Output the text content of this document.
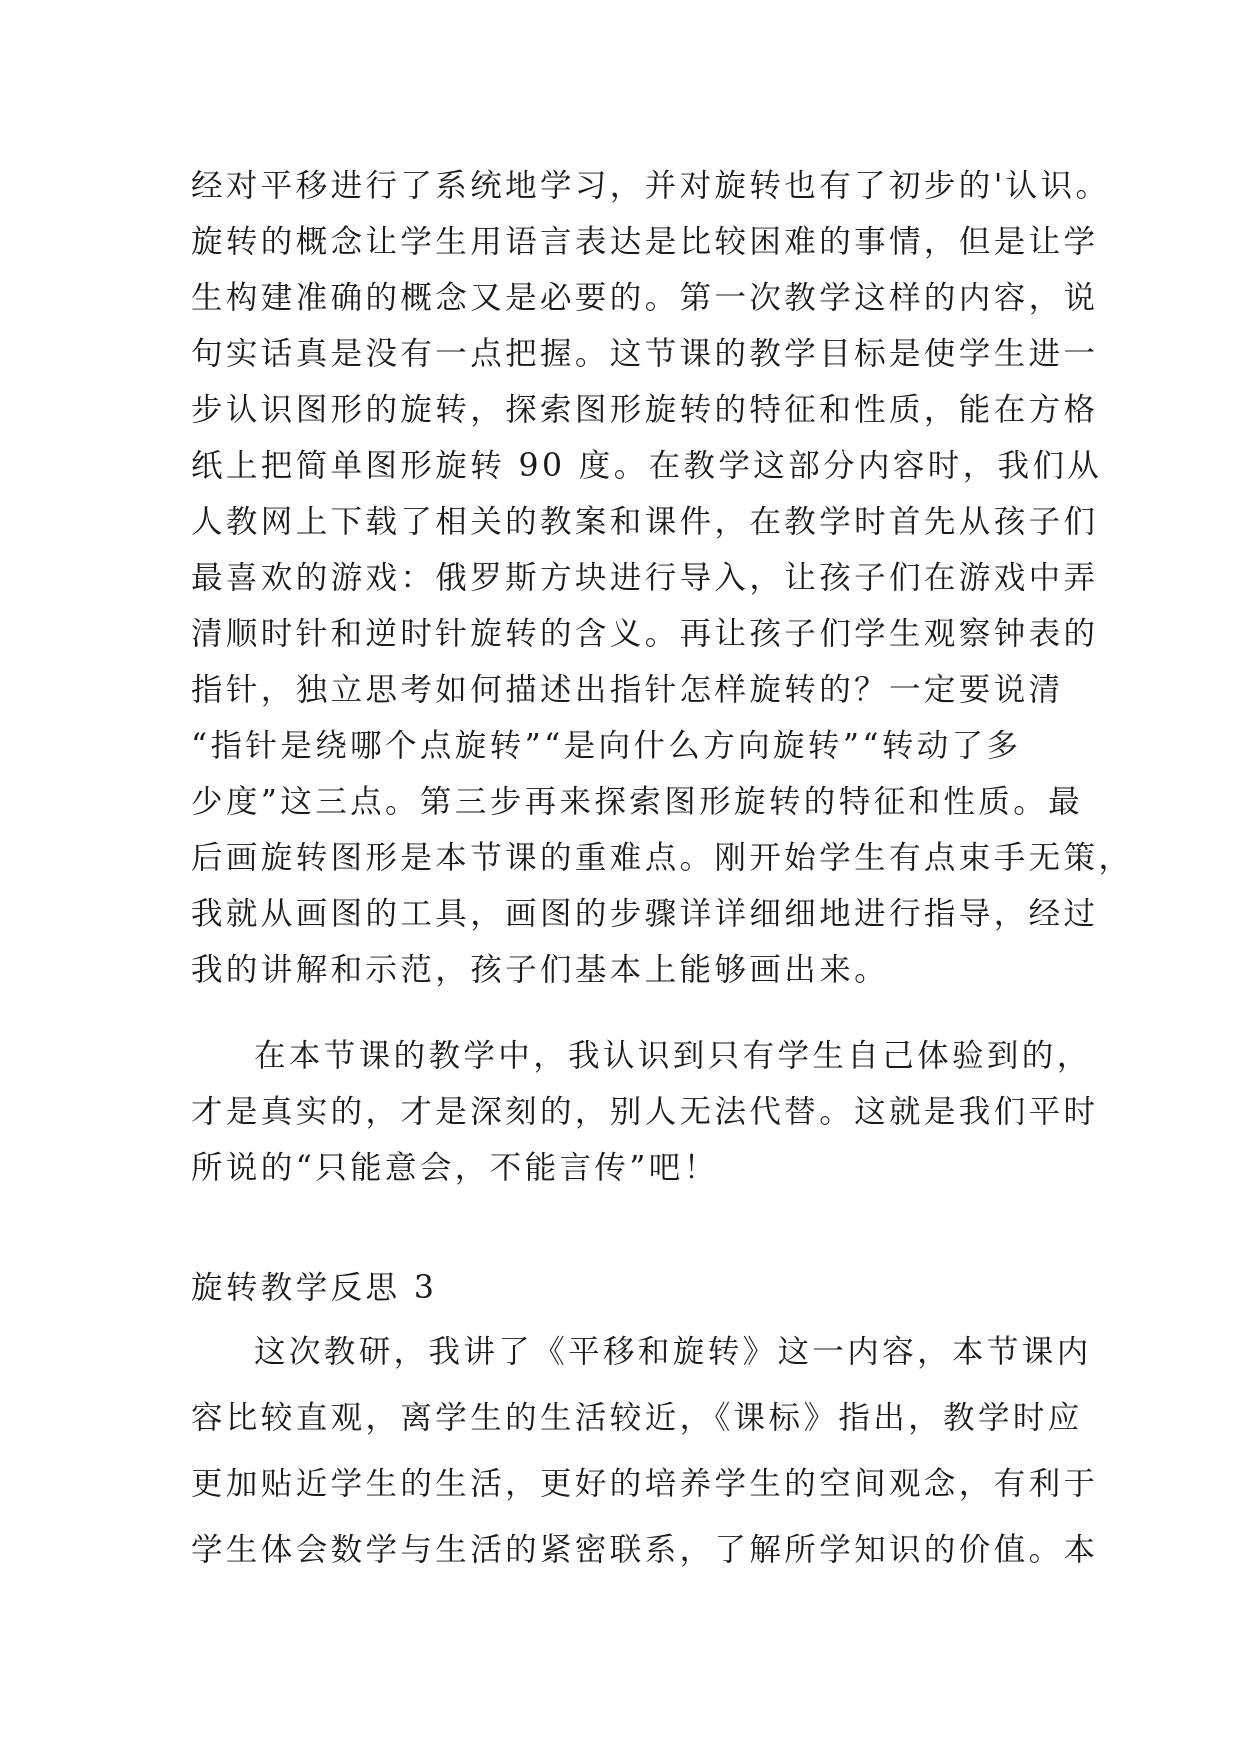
经对平移进行了系统地学习，并对旋转也有了初步的'认识。

旋转的概念让学生用语言表达是比较困难的事情，但是让学

生构建准确的概念又是必要的。第一次教学这样的内容，说

句实话真是没有一点把握。这节课的教学目标是使学生进一

步认识图形的旋转，探索图形旋转的特征和性质，能在方格

纸上把简单图形旋转 90 度。在教学这部分内容时，我们从

人教网上下载了相关的教案和课件，在教学时首先从孩子们

最喜欢的游戏：俄罗斯方块进行导入，让孩子们在游戏中弄

清顺时针和逆时针旋转的含义。再让孩子们学生观察钟表的

指针，独立思考如何描述出指针怎样旋转的？一定要说清

“指针是绕哪个点旋转”“是向什么方向旋转”“转动了多

少度”这三点。第三步再来探索图形旋转的特征和性质。最

后画旋转图形是本节课的重难点。刚开始学生有点束手无策，

我就从画图的工具，画图的步骤详详细细地进行指导，经过

我的讲解和示范，孩子们基本上能够画出来。

在本节课的教学中，我认识到只有学生自己体验到的，

才是真实的，才是深刻的，别人无法代替。这就是我们平时

所说的“只能意会，不能言传”吧！

旋转教学反思 3

这次教研，我讲了《平移和旋转》这一内容，本节课内

容比较直观，离学生的生活较近，《课标》指出，教学时应

更加贴近学生的生活，更好的培养学生的空间观念，有利于

学生体会数学与生活的紧密联系，了解所学知识的价值。本
